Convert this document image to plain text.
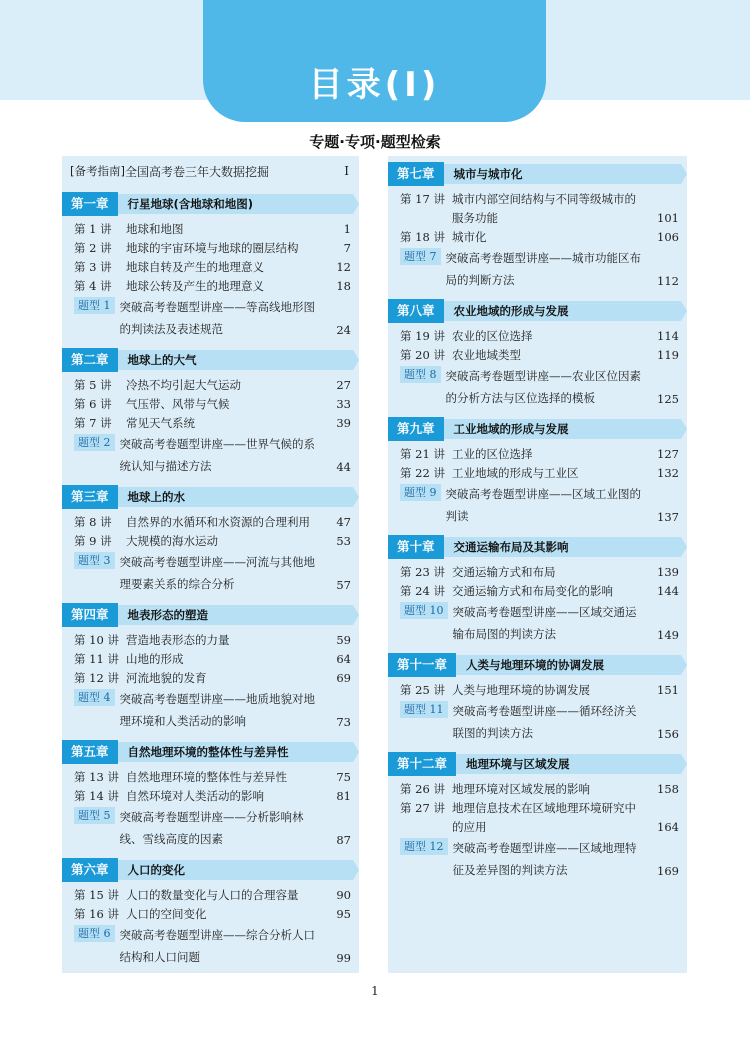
目录(Ⅰ)
专题·专项·题型检索
[备考指南] 全国高考卷三年大数据挖掘	Ⅰ
第一章	行星地球(含地球和地图)
第 1 讲	地球和地图	1
第 2 讲	地球的宇宙环境与地球的圈层结构	7
第 3 讲	地球自转及产生的地理意义	12
第 4 讲	地球公转及产生的地理意义	18
题型 1 突破高考卷题型讲座——等高线地形图的判读法及表述规范	24
第二章	地球上的大气
第 5 讲	冷热不均引起大气运动	27
第 6 讲	气压带、风带与气候	33
第 7 讲	常见天气系统	39
题型 2 突破高考卷题型讲座——世界气候的系统认知与描述方法	44
第三章	地球上的水
第 8 讲	自然界的水循环和水资源的合理利用	47
第 9 讲	大规模的海水运动	53
题型 3 突破高考卷题型讲座——河流与其他地理要素关系的综合分析	57
第四章	地表形态的塑造
第 10 讲 营造地表形态的力量	59
第 11 讲 山地的形成	64
第 12 讲 河流地貌的发育	69
题型 4 突破高考卷题型讲座——地质地貌对地理环境和人类活动的影响	73
第五章	自然地理环境的整体性与差异性
第 13 讲 自然地理环境的整体性与差异性	75
第 14 讲 自然环境对人类活动的影响	81
题型 5 突破高考卷题型讲座——分析影响林线、雪线高度的因素	87
第六章	人口的变化
第 15 讲 人口的数量变化与人口的合理容量	90
第 16 讲 人口的空间变化	95
题型 6 突破高考卷题型讲座——综合分析人口结构和人口问题	99
第七章	城市与城市化
第 17 讲 城市内部空间结构与不同等级城市的服务功能	101
第 18 讲 城市化	106
题型 7 突破高考卷题型讲座——城市功能区布局的判断方法	112
第八章	农业地域的形成与发展
第 19 讲 农业的区位选择	114
第 20 讲 农业地域类型	119
题型 8 突破高考卷题型讲座——农业区位因素的分析方法与区位选择的模板	125
第九章	工业地域的形成与发展
第 21 讲 工业的区位选择	127
第 22 讲 工业地域的形成与工业区	132
题型 9 突破高考卷题型讲座——区域工业图的判读	137
第十章	交通运输布局及其影响
第 23 讲 交通运输方式和布局	139
第 24 讲 交通运输方式和布局变化的影响	144
题型 10 突破高考卷题型讲座——区域交通运输布局图的判读方法	149
第十一章	人类与地理环境的协调发展
第 25 讲 人类与地理环境的协调发展	151
题型 11 突破高考卷题型讲座——循环经济关联图的判读方法	156
第十二章	地理环境与区域发展
第 26 讲 地理环境对区域发展的影响	158
第 27 讲 地理信息技术在区域地理环境研究中的应用	164
题型 12 突破高考卷题型讲座——区域地理特征及差异图的判读方法	169
1
